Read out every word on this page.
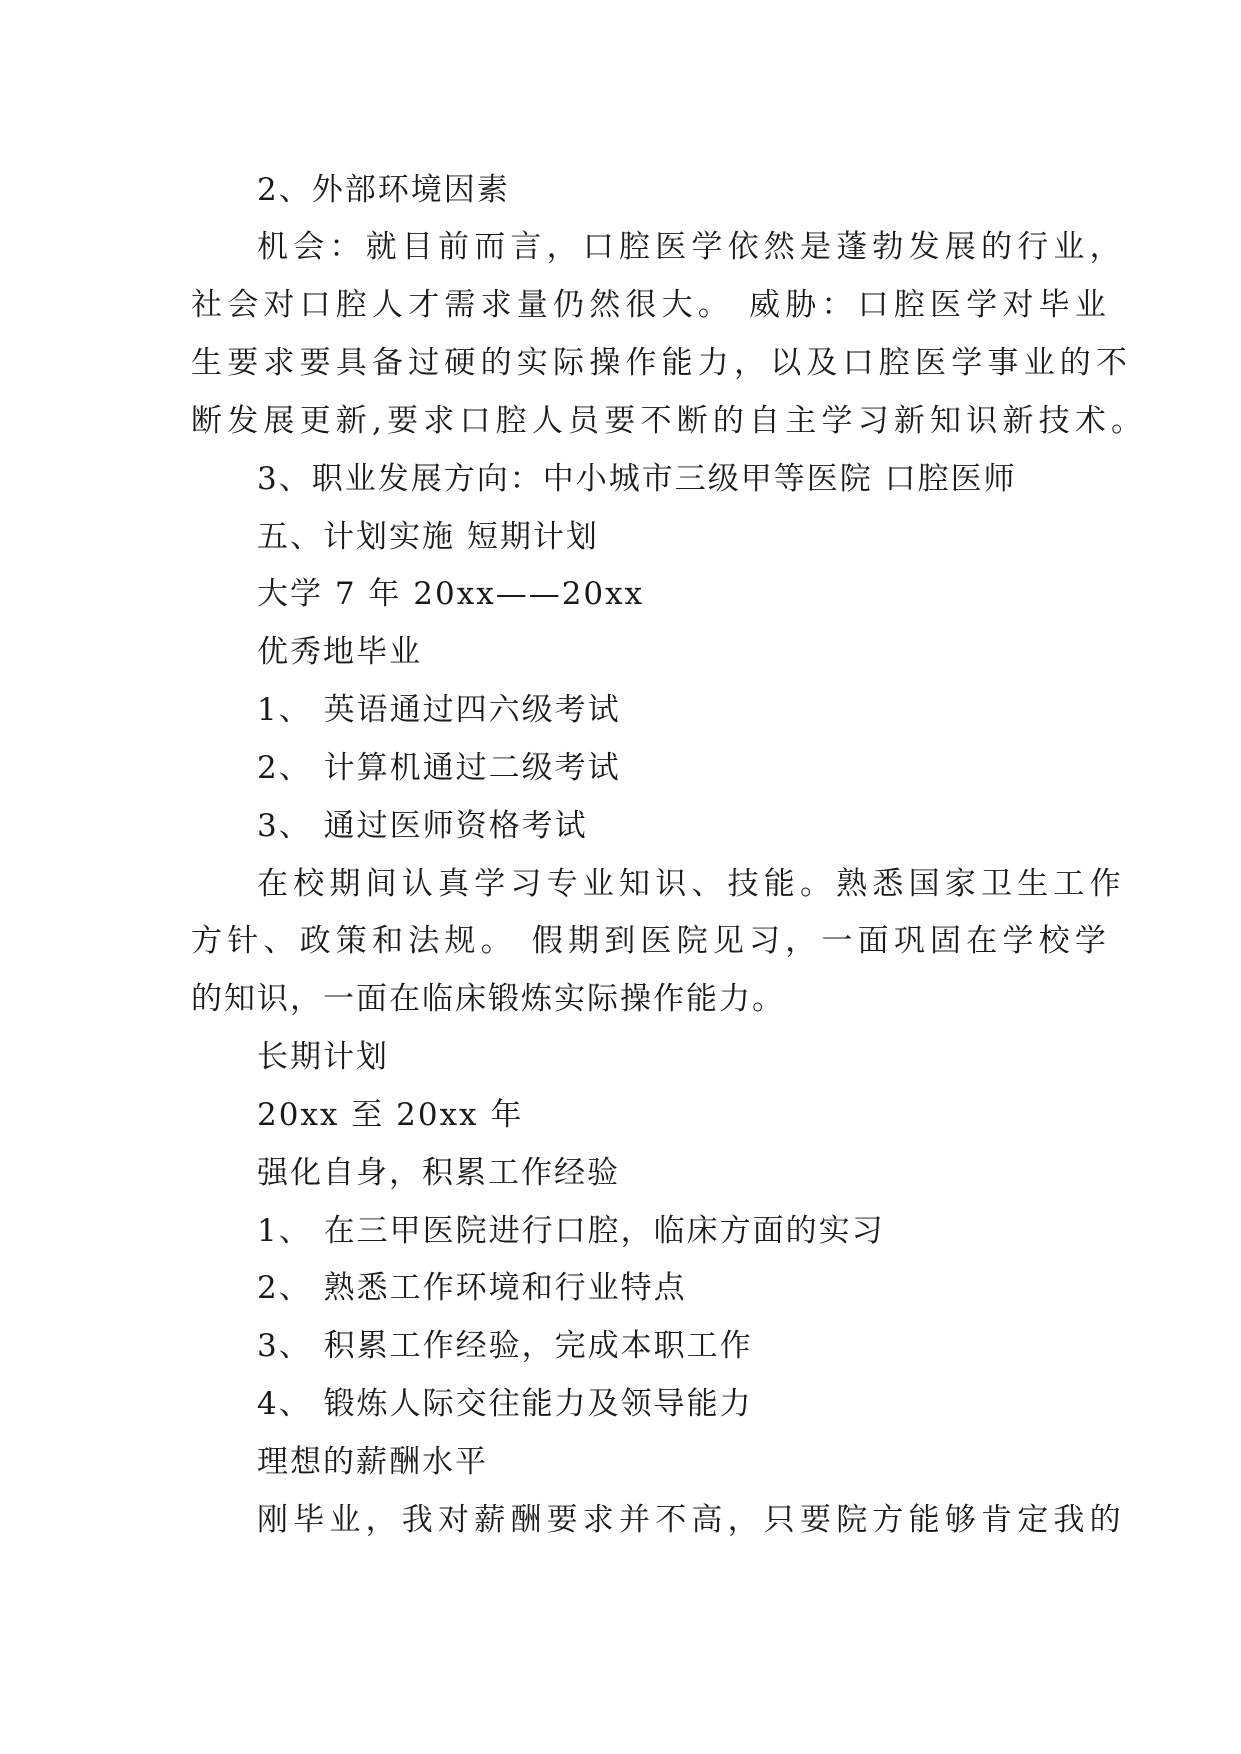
2、外部环境因素
机会：就目前而言，口腔医学依然是蓬勃发展的行业，
社会对口腔人才需求量仍然很大。 威胁：口腔医学对毕业
生要求要具备过硬的实际操作能力，以及口腔医学事业的不
断发展更新,要求口腔人员要不断的自主学习新知识新技术。
3、职业发展方向：中小城市三级甲等医院 口腔医师
五、计划实施 短期计划
大学 7 年 20xx——20xx
优秀地毕业
1、 英语通过四六级考试
2、 计算机通过二级考试
3、 通过医师资格考试
在校期间认真学习专业知识、技能。熟悉国家卫生工作
方针、政策和法规。 假期到医院见习，一面巩固在学校学
的知识，一面在临床锻炼实际操作能力。
长期计划
20xx 至 20xx 年
强化自身，积累工作经验
1、 在三甲医院进行口腔，临床方面的实习
2、 熟悉工作环境和行业特点
3、 积累工作经验，完成本职工作
4、 锻炼人际交往能力及领导能力
理想的薪酬水平
刚毕业，我对薪酬要求并不高，只要院方能够肯定我的
